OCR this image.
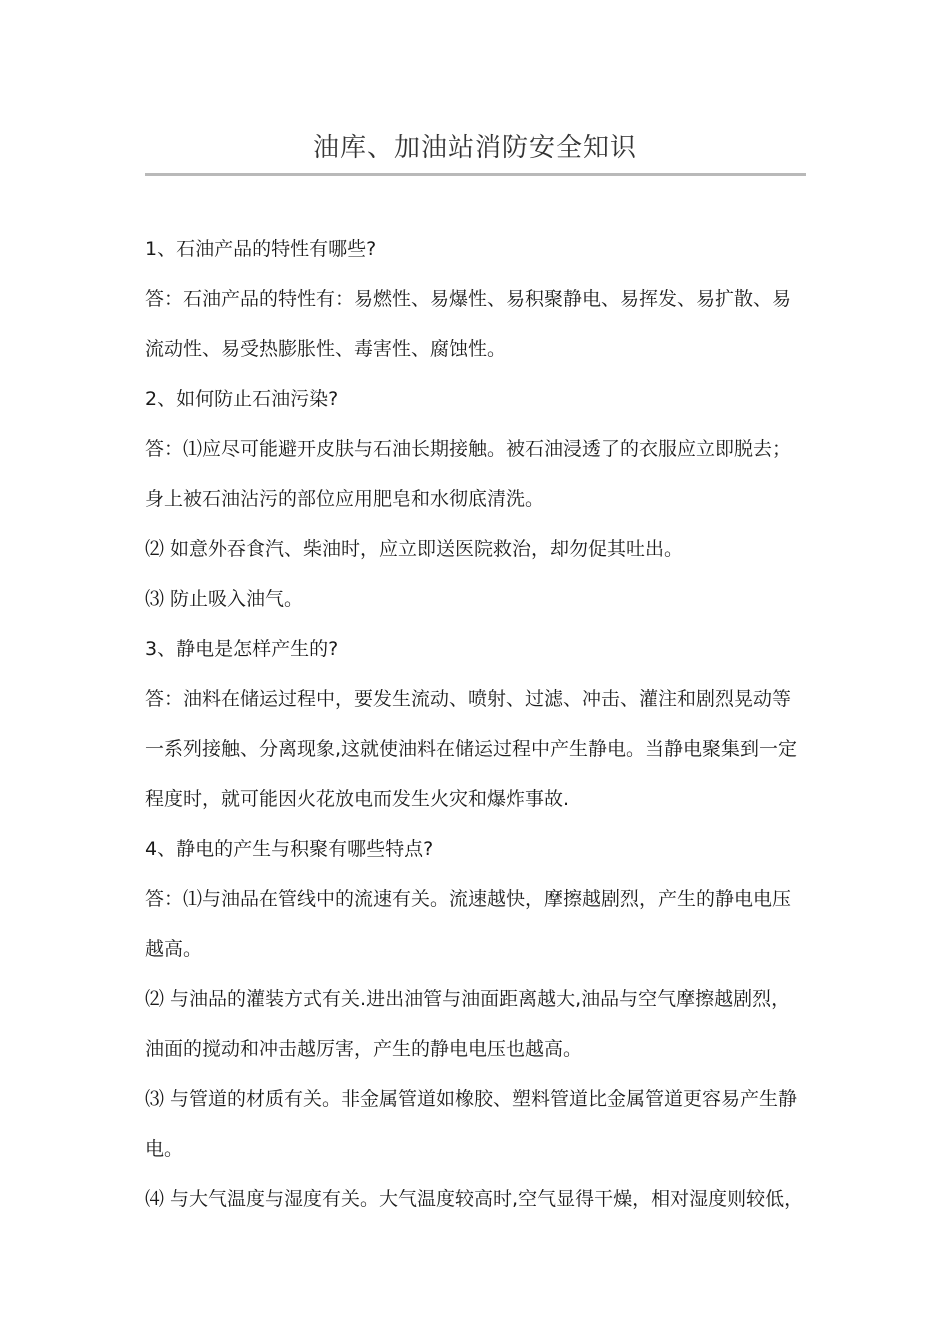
油库、加油站消防安全知识

1、石油产品的特性有哪些?

答：石油产品的特性有：易燃性、易爆性、易积聚静电、易挥发、易扩散、易

流动性、易受热膨胀性、毒害性、腐蚀性。

2、如何防止石油污染?

答：⑴应尽可能避开皮肤与石油长期接触。被石油浸透了的衣服应立即脱去；

身上被石油沾污的部位应用肥皂和水彻底清洗。

⑵ 如意外吞食汽、柴油时，应立即送医院救治，却勿促其吐出。

⑶ 防止吸入油气。

3、静电是怎样产生的?

答：油料在储运过程中，要发生流动、喷射、过滤、冲击、灌注和剧烈晃动等

一系列接触、分离现象,这就使油料在储运过程中产生静电。当静电聚集到一定

程度时，就可能因火花放电而发生火灾和爆炸事故.

4、静电的产生与积聚有哪些特点?

答：⑴与油品在管线中的流速有关。流速越快，摩擦越剧烈，产生的静电电压

越高。

⑵ 与油品的灌装方式有关.进出油管与油面距离越大,油品与空气摩擦越剧烈，

油面的搅动和冲击越厉害，产生的静电电压也越高。

⑶ 与管道的材质有关。非金属管道如橡胶、塑料管道比金属管道更容易产生静

电。

⑷ 与大气温度与湿度有关。大气温度较高时,空气显得干燥，相对湿度则较低，
